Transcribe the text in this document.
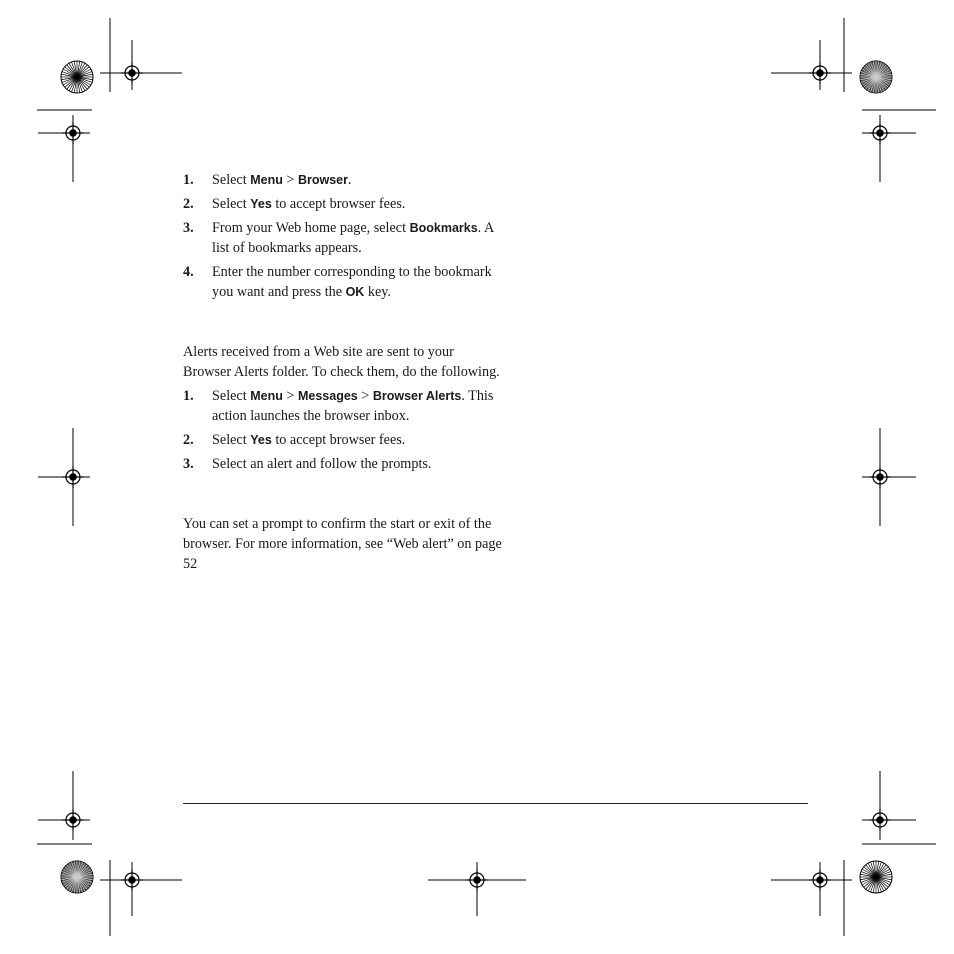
1.	Select Menu > Browser.
2.	Select Yes to accept browser fees.
3.	From your Web home page, select Bookmarks. A list of bookmarks appears.
4.	Enter the number corresponding to the bookmark you want and press the OK key.

Alerts received from a Web site are sent to your Browser Alerts folder. To check them, do the following.

1.	Select Menu > Messages > Browser Alerts. This action launches the browser inbox.
2.	Select Yes to accept browser fees.
3.	Select an alert and follow the prompts.

You can set a prompt to confirm the start or exit of the browser. For more information, see “Web alert” on page 52
